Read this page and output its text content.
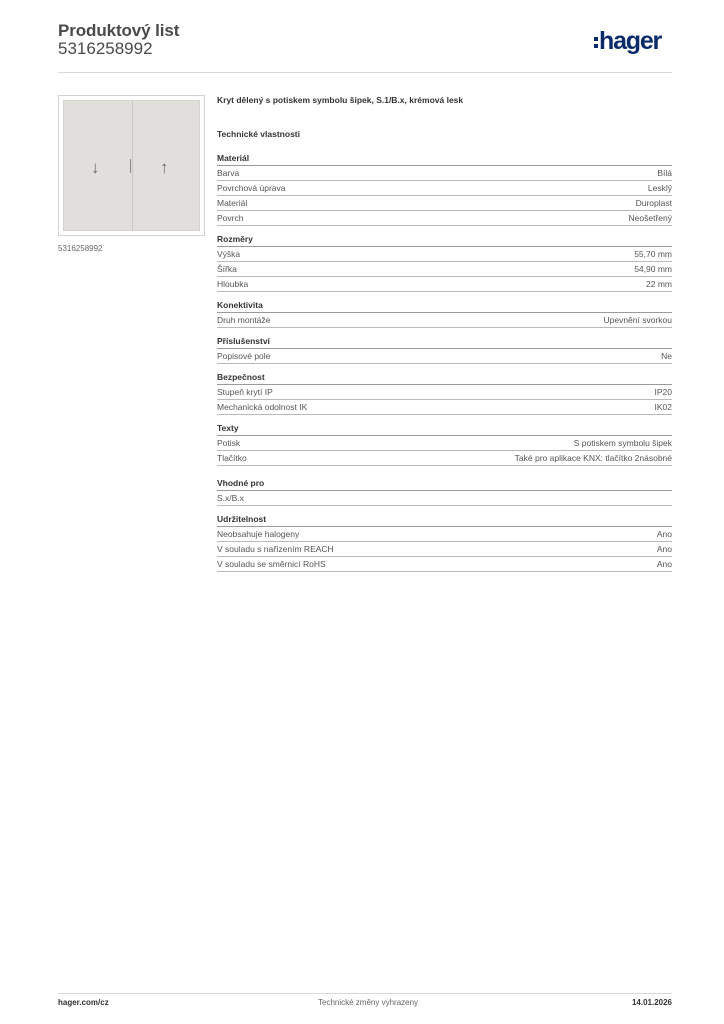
Produktový list
5316258992	hager
↓	↑
5316258992
Kryt dělený s potiskem symbolu šipek, S.1/B.x, krémová lesk
Technické vlastnosti
Materiál
Barva	Bílá
Povrchová úprava	Lesklý
Materiál	Duroplast
Povrch	Neošetřený
Rozměry
Výška	55,70 mm
Šířka	54,90 mm
Hloubka	22 mm
Konektivita
Druh montáže	Upevnění svorkou
Příslušenství
Popisové pole	Ne
Bezpečnost
Stupeň krytí IP	IP20
Mechanická odolnost IK	IK02
Texty
Potisk	S potiskem symbolu šipek
Tlačítko	Také pro aplikace KNX: tlačítko 2násobné
Vhodné pro
S.x/B.x
Udržitelnost
Neobsahuje halogeny	Ano
V souladu s nařízením REACH	Ano
V souladu se směrnicí RoHS	Ano
hager.com/cz	Technické změny vyhrazeny	14.01.2026
